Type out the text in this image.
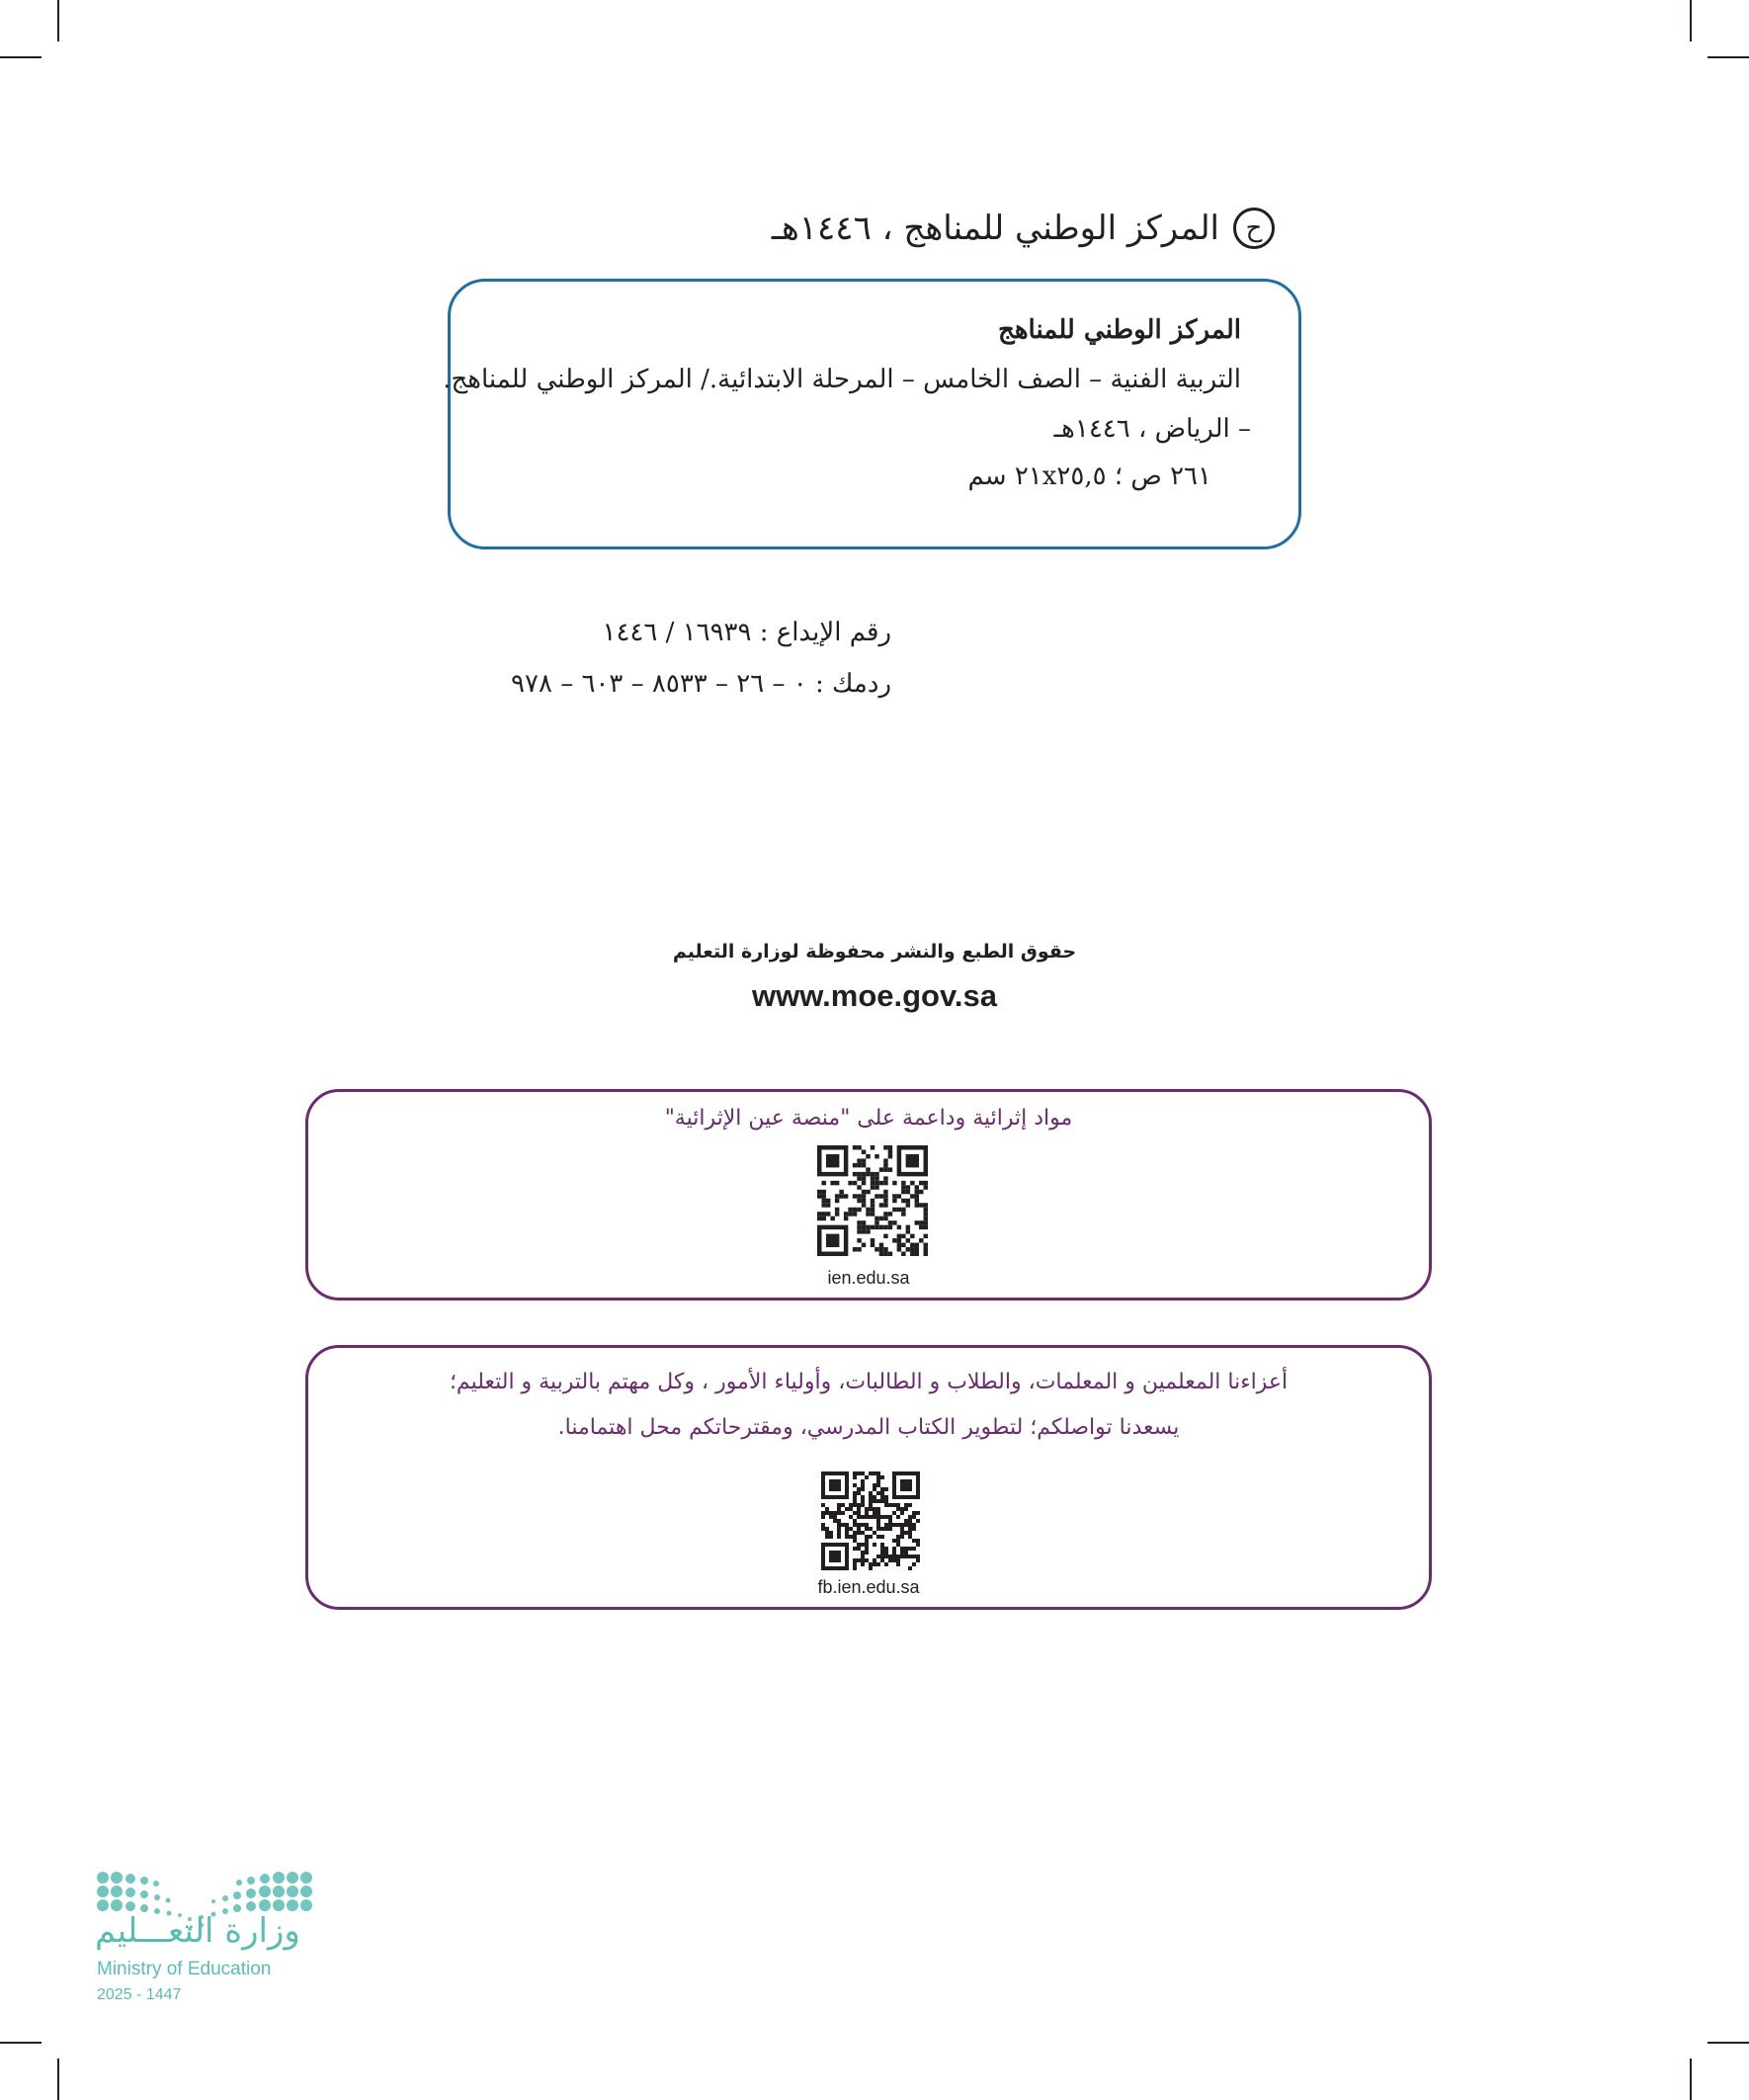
ح
المركز الوطني للمناهج ، ١٤٤٦هـ
المركز الوطني للمناهج
التربية الفنية – الصف الخامس – المرحلة الابتدائية./ المركز الوطني للمناهج.
– الرياض ، ١٤٤٦هـ
٢٦١ ص ؛ ٢١x٢٥,٥ سم
رقم الإيداع : ١٦٩٣٩ / ١٤٤٦
ردمك : ٠ – ٢٦ – ٨٥٣٣ – ٦٠٣ – ٩٧٨
حقوق الطبع والنشر محفوظة لوزارة التعليم
www.moe.gov.sa
مواد إثرائية وداعمة على "منصة عين الإثرائية"
ien.edu.sa
أعزاءنا المعلمين و المعلمات، والطلاب و الطالبات، وأولياء الأمور ، وكل مهتم بالتربية و التعليم؛
يسعدنا تواصلكم؛ لتطوير الكتاب المدرسي، ومقترحاتكم محل اهتمامنا.
fb.ien.edu.sa
وزارة التعـــليم
Ministry of Education
2025 - 1447
